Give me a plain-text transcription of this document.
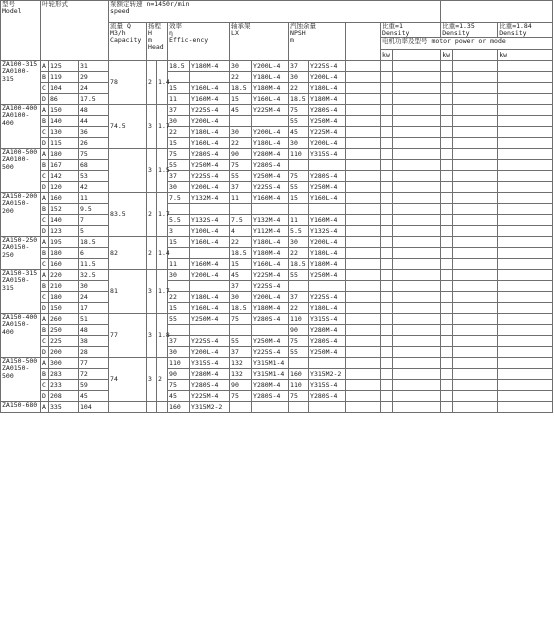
型号
Model	叶轮形式			泵额定转速 n=1450r/min
speed														
				流量 Q
M3/h
Capacity	扬程
H
m
Head		效率
η
Effic-ency		轴承架
LX		汽蚀余量
NPSH
m			比重=1
Density		比重=1.35
Density		比重=1.84
Density
														电机功率及型号 motor power or mode				
														kw		kw		kw
ZA100-315
ZA0100-315	A	125	31	78	2	1.4	18.5	Y180M-4	30	Y200L-4	37	Y225S-4						
	B	119	29						22	Y180L-4	30	Y200L-4						
	C	104	24				15	Y160L-4	18.5	Y180M-4	22	Y180L-4						
	D	86	17.5				11	Y160M-4	15	Y160L-4	18.5	Y180M-4						
ZA100-400
ZA0100-400	A	150	48	74.5	3	1.7	37	Y225S-4	45	Y225M-4	75	Y280S-4						
	B	140	44				30	Y200L-4			55	Y250M-4						
	C	130	36				22	Y180L-4	30	Y200L-4	45	Y225M-4						
	D	115	26				15	Y160L-4	22	Y180L-4	30	Y200L-4						
ZA100-500
ZA0100-500	A	180	75		3	1.5	75	Y280S-4	90	Y280M-4	110	Y315S-4						
	B	167	68				55	Y250M-4	75	Y280S-4								
	C	142	53				37	Y225S-4	55	Y250M-4	75	Y280S-4						
	D	120	42				30	Y200L-4	37	Y225S-4	55	Y250M-4						
ZA150-200
ZA0150-200	A	160	11	83.5	2	1.7	7.5	Y132M-4	11	Y160M-4	15	Y160L-4						
	B	152	9.5															
	C	140	7				5.5	Y132S-4	7.5	Y132M-4	11	Y160M-4						
	D	123	5				3	Y100L-4	4	Y112M-4	5.5	Y132S-4						
ZA150-250
ZA0150-250	A	195	18.5	82	2	1.4	15	Y160L-4	22	Y180L-4	30	Y200L-4						
	B	180	6						18.5	Y180M-4	22	Y180L-4						
	C	160	11.5				11	Y160M-4	15	Y160L-4	18.5	Y180M-4						
ZA150-315
ZA0150-315	A	220	32.5	81	3	1.7	30	Y200L-4	45	Y225M-4	55	Y250M-4						
	B	210	30						37	Y225S-4								
	C	180	24				22	Y180L-4	30	Y200L-4	37	Y225S-4						
	D	150	17				15	Y160L-4	18.5	Y180M-4	22	Y180L-4						
ZA150-400
ZA0150-400	A	260	51	77	3	1.8	55	Y250M-4	75	Y280S-4	110	Y315S-4						
	B	250	48								90	Y280M-4						
	C	225	38				37	Y225S-4	55	Y250M-4	75	Y280S-4						
	D	200	28				30	Y200L-4	37	Y225S-4	55	Y250M-4						
ZA150-500
ZA0150-500	A	300	77	74	3	2	110	Y315S-4	132	Y315M1-4								
	B	283	72				90	Y280M-4	132	Y315M1-4	160	Y315M2-2						
	C	233	59				75	Y280S-4	90	Y280M-4	110	Y315S-4						
	D	208	45				45	Y225M-4	75	Y280S-4	75	Y280S-4						
ZA150-680	A	335	104				160	Y315M2-2										
